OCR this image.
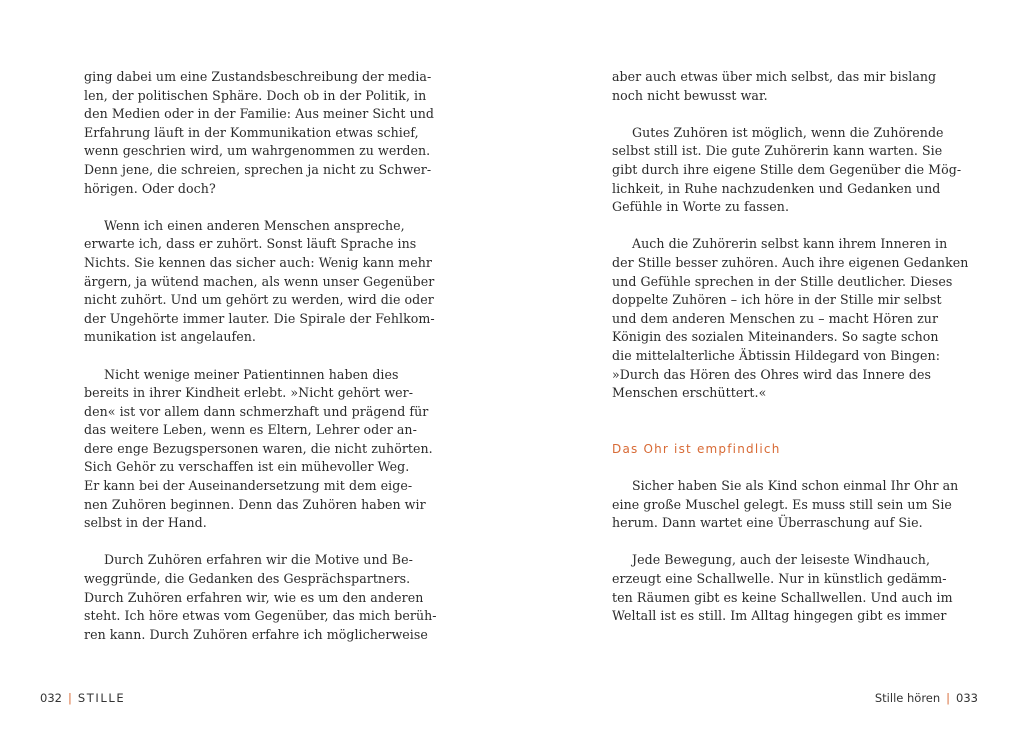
ging dabei um eine Zustandsbeschreibung der media-
len, der politischen Sphäre. Doch ob in der Politik, in
den Medien oder in der Familie: Aus meiner Sicht und
Erfahrung läuft in der Kommunikation etwas schief,
wenn geschrien wird, um wahrgenommen zu werden.
Denn jene, die schreien, sprechen ja nicht zu Schwer-
hörigen. Oder doch?
Wenn ich einen anderen Menschen anspreche,
erwarte ich, dass er zuhört. Sonst läuft Sprache ins
Nichts. Sie kennen das sicher auch: Wenig kann mehr
ärgern, ja wütend machen, als wenn unser Gegenüber
nicht zuhört. Und um gehört zu werden, wird die oder
der Ungehörte immer lauter. Die Spirale der Fehlkom-
munikation ist angelaufen.
Nicht wenige meiner Patientinnen haben dies
bereits in ihrer Kindheit erlebt. »Nicht gehört wer-
den« ist vor allem dann schmerzhaft und prägend für
das weitere Leben, wenn es Eltern, Lehrer oder an-
dere enge Bezugspersonen waren, die nicht zuhörten.
Sich Gehör zu verschaffen ist ein mühevoller Weg.
Er kann bei der Auseinandersetzung mit dem eige-
nen Zuhören beginnen. Denn das Zuhören haben wir
selbst in der Hand.
Durch Zuhören erfahren wir die Motive und Be-
weggründe, die Gedanken des Gesprächspartners.
Durch Zuhören erfahren wir, wie es um den anderen
steht. Ich höre etwas vom Gegenüber, das mich berüh-
ren kann. Durch Zuhören erfahre ich möglicherweise
032 | STILLE
aber auch etwas über mich selbst, das mir bislang
noch nicht bewusst war.
Gutes Zuhören ist möglich, wenn die Zuhörende
selbst still ist. Die gute Zuhörerin kann warten. Sie
gibt durch ihre eigene Stille dem Gegenüber die Mög-
lichkeit, in Ruhe nachzudenken und Gedanken und
Gefühle in Worte zu fassen.
Auch die Zuhörerin selbst kann ihrem Inneren in
der Stille besser zuhören. Auch ihre eigenen Gedanken
und Gefühle sprechen in der Stille deutlicher. Dieses
doppelte Zuhören – ich höre in der Stille mir selbst
und dem anderen Menschen zu – macht Hören zur
Königin des sozialen Miteinanders. So sagte schon
die mittelalterliche Äbtissin Hildegard von Bingen:
»Durch das Hören des Ohres wird das Innere des
Menschen erschüttert.«
Das Ohr ist empfindlich
Sicher haben Sie als Kind schon einmal Ihr Ohr an
eine große Muschel gelegt. Es muss still sein um Sie
herum. Dann wartet eine Überraschung auf Sie.
Jede Bewegung, auch der leiseste Windhauch,
erzeugt eine Schallwelle. Nur in künstlich gedämm-
ten Räumen gibt es keine Schallwellen. Und auch im
Weltall ist es still. Im Alltag hingegen gibt es immer
Stille hören | 033
